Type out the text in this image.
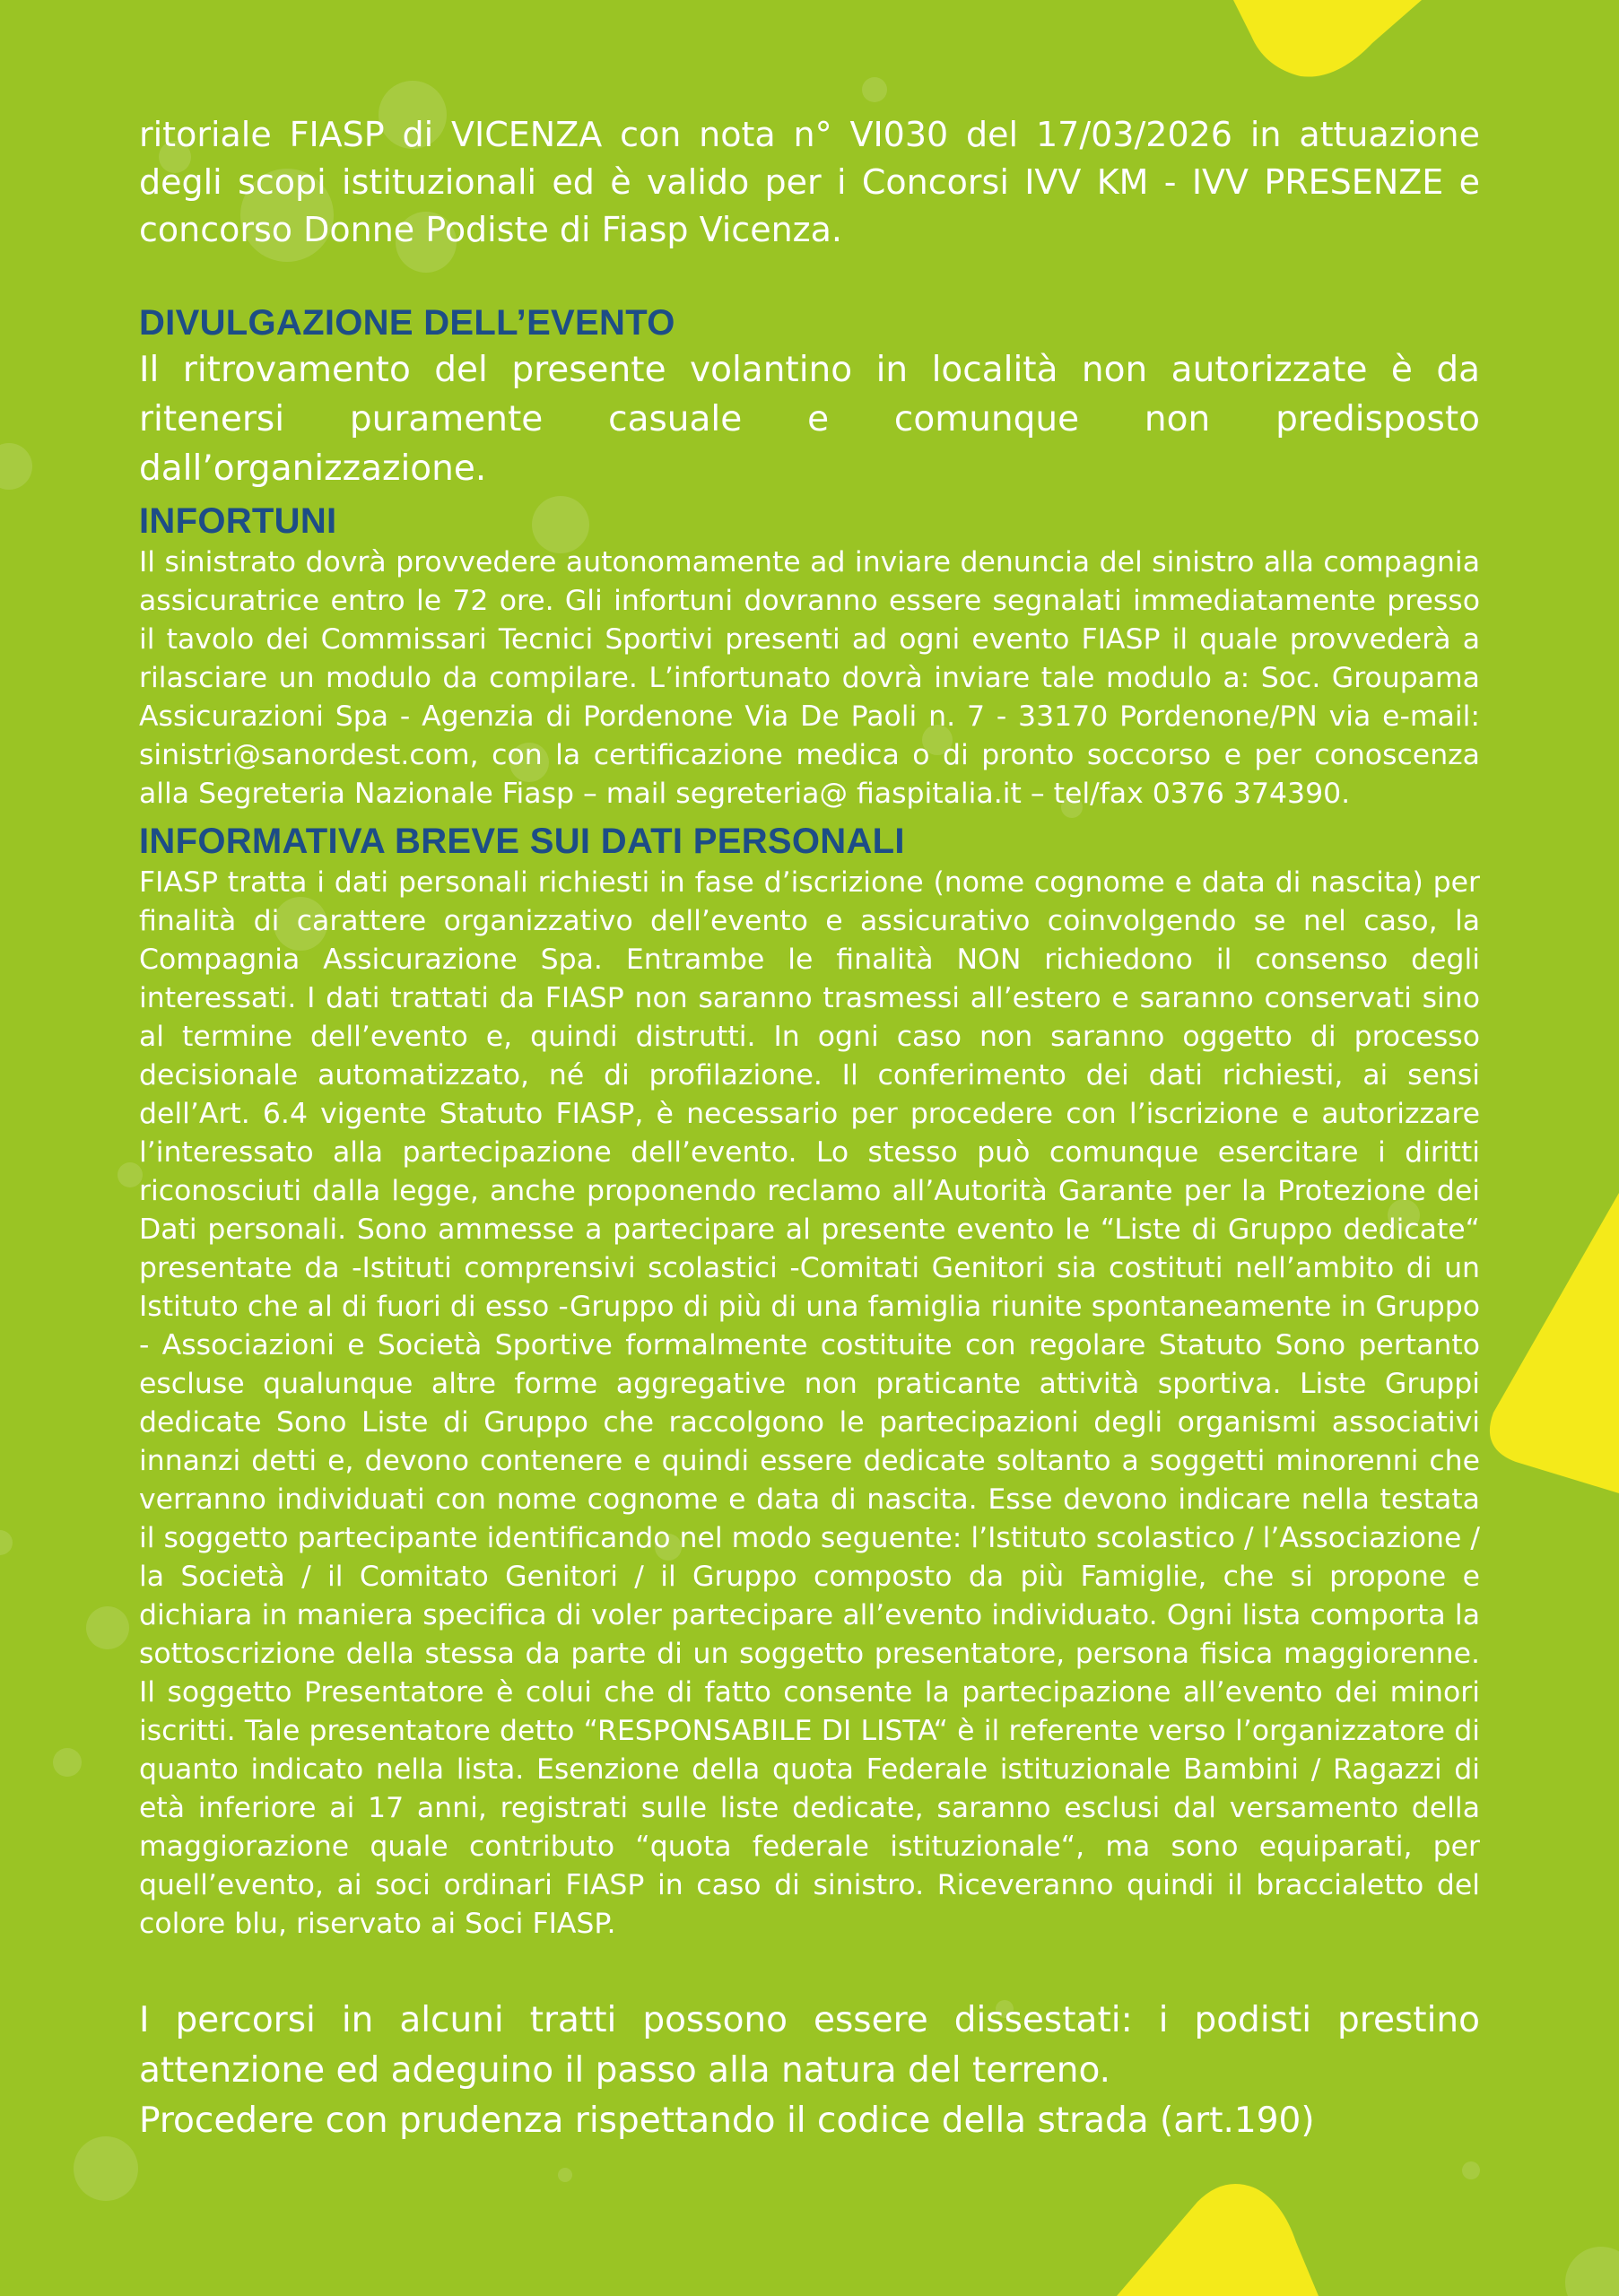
ritoriale FIASP di VICENZA con nota n° VI030 del 17/03/2026 in attuazione degli scopi istituzionali ed è valido per i Concorsi IVV KM - IVV PRESENZE e concorso Donne Podiste di Fiasp Vicenza.

DIVULGAZIONE DELL’EVENTO

Il ritrovamento del presente volantino in località non autorizzate è da ritenersi puramente casuale e comunque non predisposto dall’organizzazione.

INFORTUNI

Il sinistrato dovrà provvedere autonomamente ad inviare denuncia del sinistro alla compagnia assicuratrice entro le 72 ore. Gli infortuni dovranno essere segnalati immediatamente presso il tavolo dei Commissari Tecnici Sportivi presenti ad ogni evento FIASP il quale provvederà a rilasciare un modulo da compilare. L’infortunato dovrà inviare tale modulo a: Soc. Groupama Assicurazioni Spa - Agenzia di Pordenone Via De Paoli n. 7 - 33170 Pordenone/PN via e-mail: sinistri@sanordest.com, con la certificazione medica o di pronto soccorso e per conoscenza alla Segreteria Nazionale Fiasp – mail segreteria@ fiaspitalia.it – tel/fax 0376 374390.

INFORMATIVA BREVE SUI DATI PERSONALI

FIASP tratta i dati personali richiesti in fase d’iscrizione (nome cognome e data di nascita) per finalità di carattere organizzativo dell’evento e assicurativo coinvolgendo se nel caso, la Compagnia Assicurazione Spa. Entrambe le finalità NON richiedono il consenso degli interessati. I dati trattati da FIASP non saranno trasmessi all’estero e saranno conservati sino al termine dell’evento e, quindi distrutti. In ogni caso non saranno oggetto di processo decisionale automatizzato, né di profilazione. Il conferimento dei dati richiesti, ai sensi dell’Art. 6.4 vigente Statuto FIASP, è necessario per procedere con l’iscrizione e autorizzare l’interessato alla partecipazione dell’evento. Lo stesso può comunque esercitare i diritti riconosciuti dalla legge, anche proponendo reclamo all’Autorità Garante per la Protezione dei Dati personali. Sono ammesse a partecipare al presente evento le “Liste di Gruppo dedicate“ presentate da -Istituti comprensivi scolastici -Comitati Genitori sia costituti nell’ambito di un Istituto che al di fuori di esso -Gruppo di più di una famiglia riunite spontaneamente in Gruppo - Associazioni e Società Sportive formalmente costituite con regolare Statuto Sono pertanto escluse qualunque altre forme aggregative non praticante attività sportiva. Liste Gruppi dedicate Sono Liste di Gruppo che raccolgono le partecipazioni degli organismi associativi innanzi detti e, devono contenere e quindi essere dedicate soltanto a soggetti minorenni che verranno individuati con nome cognome e data di nascita. Esse devono indicare nella testata il soggetto partecipante identificando nel modo seguente: l’Istituto scolastico / l’Associazione / la Società / il Comitato Genitori / il Gruppo composto da più Famiglie, che si propone e dichiara in maniera specifica di voler partecipare all’evento individuato. Ogni lista comporta la sottoscrizione della stessa da parte di un soggetto presentatore, persona fisica maggiorenne. Il soggetto Presentatore è colui che di fatto consente la partecipazione all’evento dei minori iscritti. Tale presentatore detto “RESPONSABILE DI LISTA“ è il referente verso l’organizzatore di quanto indicato nella lista. Esenzione della quota Federale istituzionale Bambini / Ragazzi di età inferiore ai 17 anni, registrati sulle liste dedicate, saranno esclusi dal versamento della maggiorazione quale contributo “quota federale istituzionale“, ma sono equiparati, per quell’evento, ai soci ordinari FIASP in caso di sinistro. Riceveranno quindi il braccialetto del colore blu, riservato ai Soci FIASP.

I percorsi in alcuni tratti possono essere dissestati: i podisti prestino attenzione ed adeguino il passo alla natura del terreno.

Procedere con prudenza rispettando il codice della strada (art.190)
